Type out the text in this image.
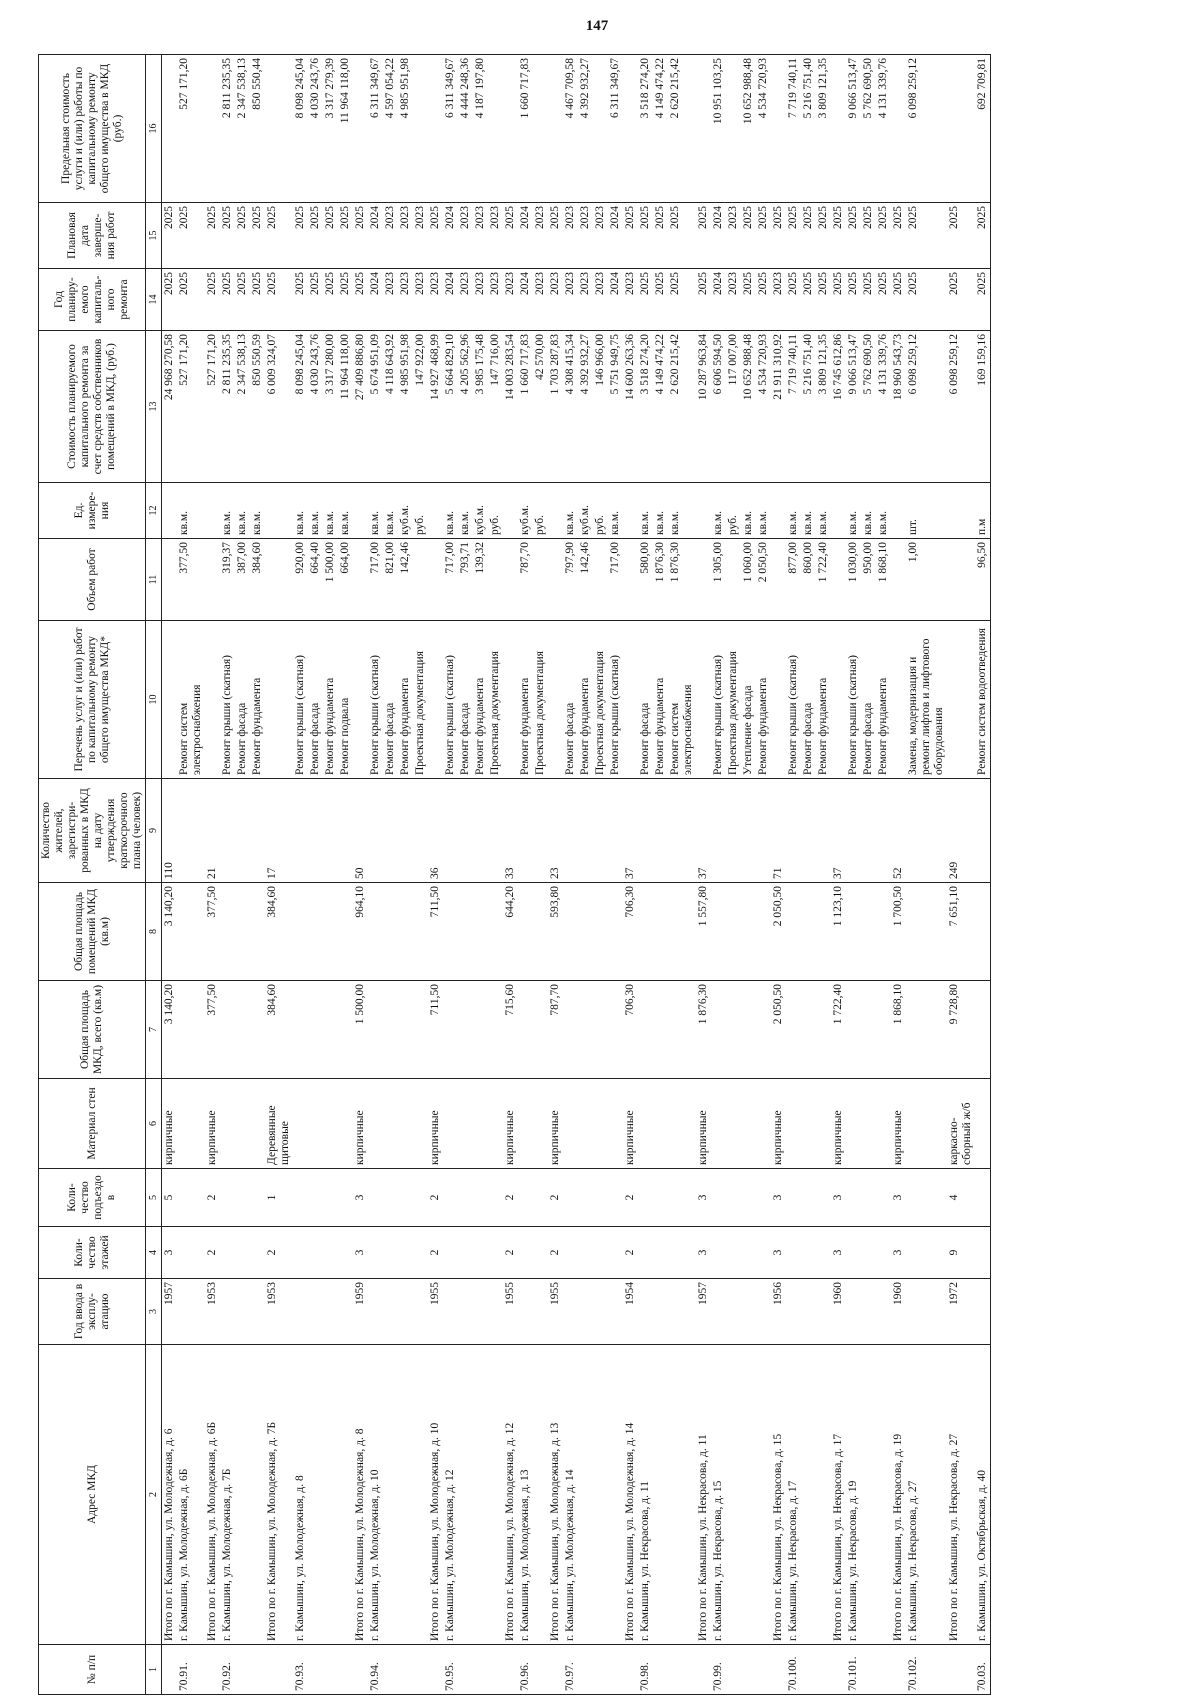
147
№ п/п	Адрес МКД	Год ввода в эксплу-атацию	Коли-чество этажей	Коли-чество подъездо в	Материал стен	Общая площадь МКД, всего (кв.м)	Общая площадь помещений МКД (кв.м)	Количество жителей, зарегистри-рованных в МКД на дату утверждения краткосрочного плана (человек)	Перечень услуг и (или) работ по капитальному ремонту общего имущества МКД*	Объем работ	Ед. измере-ния	Стоимость планируемого капитального ремонта за счет средств собственников помещений в МКД, (руб.)	Год планиру-емого капиталь-ного ремонта	Плановая дата заверше-ния работ	Предельная стоимость услуги и (или) работы по капитальному ремонту общего имущества в МКД (руб.)
1	2	3	4	5	6	7	8	9	10	11	12	13	14	15	16
	Итого по г. Камышин, ул. Молодежная, д. 6	1957	3	5	кирпичные	3 140,20	3 140,20	110				24 968 270,58	2025	2025	
70.91.	г. Камышин, ул. Молодежная, д. 6Б								Ремонт систем электроснабжения	377,50	кв.м.	527 171,20	2025	2025	527 171,20
	Итого по г. Камышин, ул. Молодежная, д. 6Б	1953	2	2	кирпичные	377,50	377,50	21				527 171,20	2025	2025	
70.92.	г. Камышин, ул. Молодежная, д. 7Б								Ремонт крыши (скатная)	319,37	кв.м.	2 811 235,35	2025	2025	2 811 235,35
									Ремонт фасада	387,00	кв.м.	2 347 538,13	2025	2025	2 347 538,13
									Ремонт фундамента	384,60	кв.м.	850 550,59	2025	2025	850 550,44
	Итого по г. Камышин, ул. Молодежная, д. 7Б	1953	2	1	Деревянные щитовые	384,60	384,60	17				6 009 324,07	2025	2025	
70.93.	г. Камышин, ул. Молодежная, д. 8								Ремонт крыши (скатная)	920,00	кв.м.	8 098 245,04	2025	2025	8 098 245,04
									Ремонт фасада	664,40	кв.м.	4 030 243,76	2025	2025	4 030 243,76
									Ремонт фундамента	1 500,00	кв.м.	3 317 280,00	2025	2025	3 317 279,39
									Ремонт подвала	664,00	кв.м.	11 964 118,00	2025	2025	11 964 118,00
	Итого по г. Камышин, ул. Молодежная, д. 8	1959	3	3	кирпичные	1 500,00	964,10	50				27 409 886,80	2025	2025	
70.94.	г. Камышин, ул. Молодежная, д. 10								Ремонт крыши (скатная)	717,00	кв.м.	5 674 951,09	2024	2024	6 311 349,67
									Ремонт фасада	821,00	кв.м.	4 118 643,92	2023	2023	4 597 054,22
									Ремонт фундамента	142,46	куб.м.	4 985 951,98	2023	2023	4 985 951,98
									Проектная документация		руб.	147 922,00	2023	2023	
	Итого по г. Камышин, ул. Молодежная, д. 10	1955	2	2	кирпичные	711,50	711,50	36				14 927 468,99	2023	2025	
70.95.	г. Камышин, ул. Молодежная, д. 12								Ремонт крыши (скатная)	717,00	кв.м.	5 664 829,10	2024	2024	6 311 349,67
									Ремонт фасада	793,71	кв.м.	4 205 562,96	2023	2023	4 444 248,36
									Ремонт фундамента	139,32	куб.м.	3 985 175,48	2023	2023	4 187 197,80
									Проектная документация		руб.	147 716,00	2023	2023	
	Итого по г. Камышин, ул. Молодежная, д. 12	1955	2	2	кирпичные	715,60	644,20	33				14 003 283,54	2023	2025	
70.96.	г. Камышин, ул. Молодежная, д. 13								Ремонт фундамента	787,70	куб.м.	1 660 717,83	2024	2024	1 660 717,83
									Проектная документация		руб.	42 570,00	2023	2023	
	Итого по г. Камышин, ул. Молодежная, д. 13	1955	2	2	кирпичные	787,70	593,80	23				1 703 287,83	2023	2025	
70.97.	г. Камышин, ул. Молодежная, д. 14								Ремонт фасада	797,90	кв.м.	4 308 415,34	2023	2023	4 467 709,58
									Ремонт фундамента	142,46	куб.м.	4 392 932,27	2023	2023	4 392 932,27
									Проектная документация		руб.	146 966,00	2023	2023	
									Ремонт крыши (скатная)	717,00	кв.м.	5 751 949,75	2024	2024	6 311 349,67
	Итого по г. Камышин, ул. Молодежная, д. 14	1954	2	2	кирпичные	706,30	706,30	37				14 600 263,36	2023	2025	
70.98.	г. Камышин, ул. Некрасова, д. 11								Ремонт фасада	580,00	кв.м.	3 518 274,20	2025	2025	3 518 274,20
									Ремонт фундамента	1 876,30	кв.м.	4 149 474,22	2025	2025	4 149 474,22
									Ремонт систем электроснабжения	1 876,30	кв.м.	2 620 215,42	2025	2025	2 620 215,42
	Итого по г. Камышин, ул. Некрасова, д. 11	1957	3	3	кирпичные	1 876,30	1 557,80	37				10 287 963,84	2025	2025	
70.99.	г. Камышин, ул. Некрасова, д. 15								Ремонт крыши (скатная)	1 305,00	кв.м.	6 606 594,50	2024	2024	10 951 103,25
									Проектная документация		руб.	117 007,00	2023	2023	
									Утепление фасада	1 060,00	кв.м.	10 652 988,48	2025	2025	10 652 988,48
									Ремонт фундамента	2 050,50	кв.м.	4 534 720,93	2025	2025	4 534 720,93
	Итого по г. Камышин, ул. Некрасова, д. 15	1956	3	3	кирпичные	2 050,50	2 050,50	71				21 911 310,92	2023	2025	
70.100.	г. Камышин, ул. Некрасова, д. 17								Ремонт крыши (скатная)	877,00	кв.м.	7 719 740,11	2025	2025	7 719 740,11
									Ремонт фасада	860,00	кв.м.	5 216 751,40	2025	2025	5 216 751,40
									Ремонт фундамента	1 722,40	кв.м.	3 809 121,35	2025	2025	3 809 121,35
	Итого по г. Камышин, ул. Некрасова, д. 17	1960	3	3	кирпичные	1 722,40	1 123,10	37				16 745 612,86	2025	2025	
70.101.	г. Камышин, ул. Некрасова, д. 19								Ремонт крыши (скатная)	1 030,00	кв.м.	9 066 513,47	2025	2025	9 066 513,47
									Ремонт фасада	950,00	кв.м.	5 762 690,50	2025	2025	5 762 690,50
									Ремонт фундамента	1 868,10	кв.м.	4 131 339,76	2025	2025	4 131 339,76
	Итого по г. Камышин, ул. Некрасова, д. 19	1960	3	3	кирпичные	1 868,10	1 700,50	52				18 960 543,73	2025	2025	
70.102.	г. Камышин, ул. Некрасова, д. 27								Замена, модернизация и ремонт лифтов и лифтового оборудования	1,00	шт.	6 098 259,12	2025	2025	6 098 259,12
	Итого по г. Камышин, ул. Некрасова, д. 27	1972	9	4	каркасно-сборный ж/б	9 728,80	7 651,10	249				6 098 259,12	2025	2025	
70.03.	г. Камышин, ул. Октябрьская, д. 40								Ремонт систем водоотведения	96,50	п.м	169 159,16	2025	2025	692 709,81
